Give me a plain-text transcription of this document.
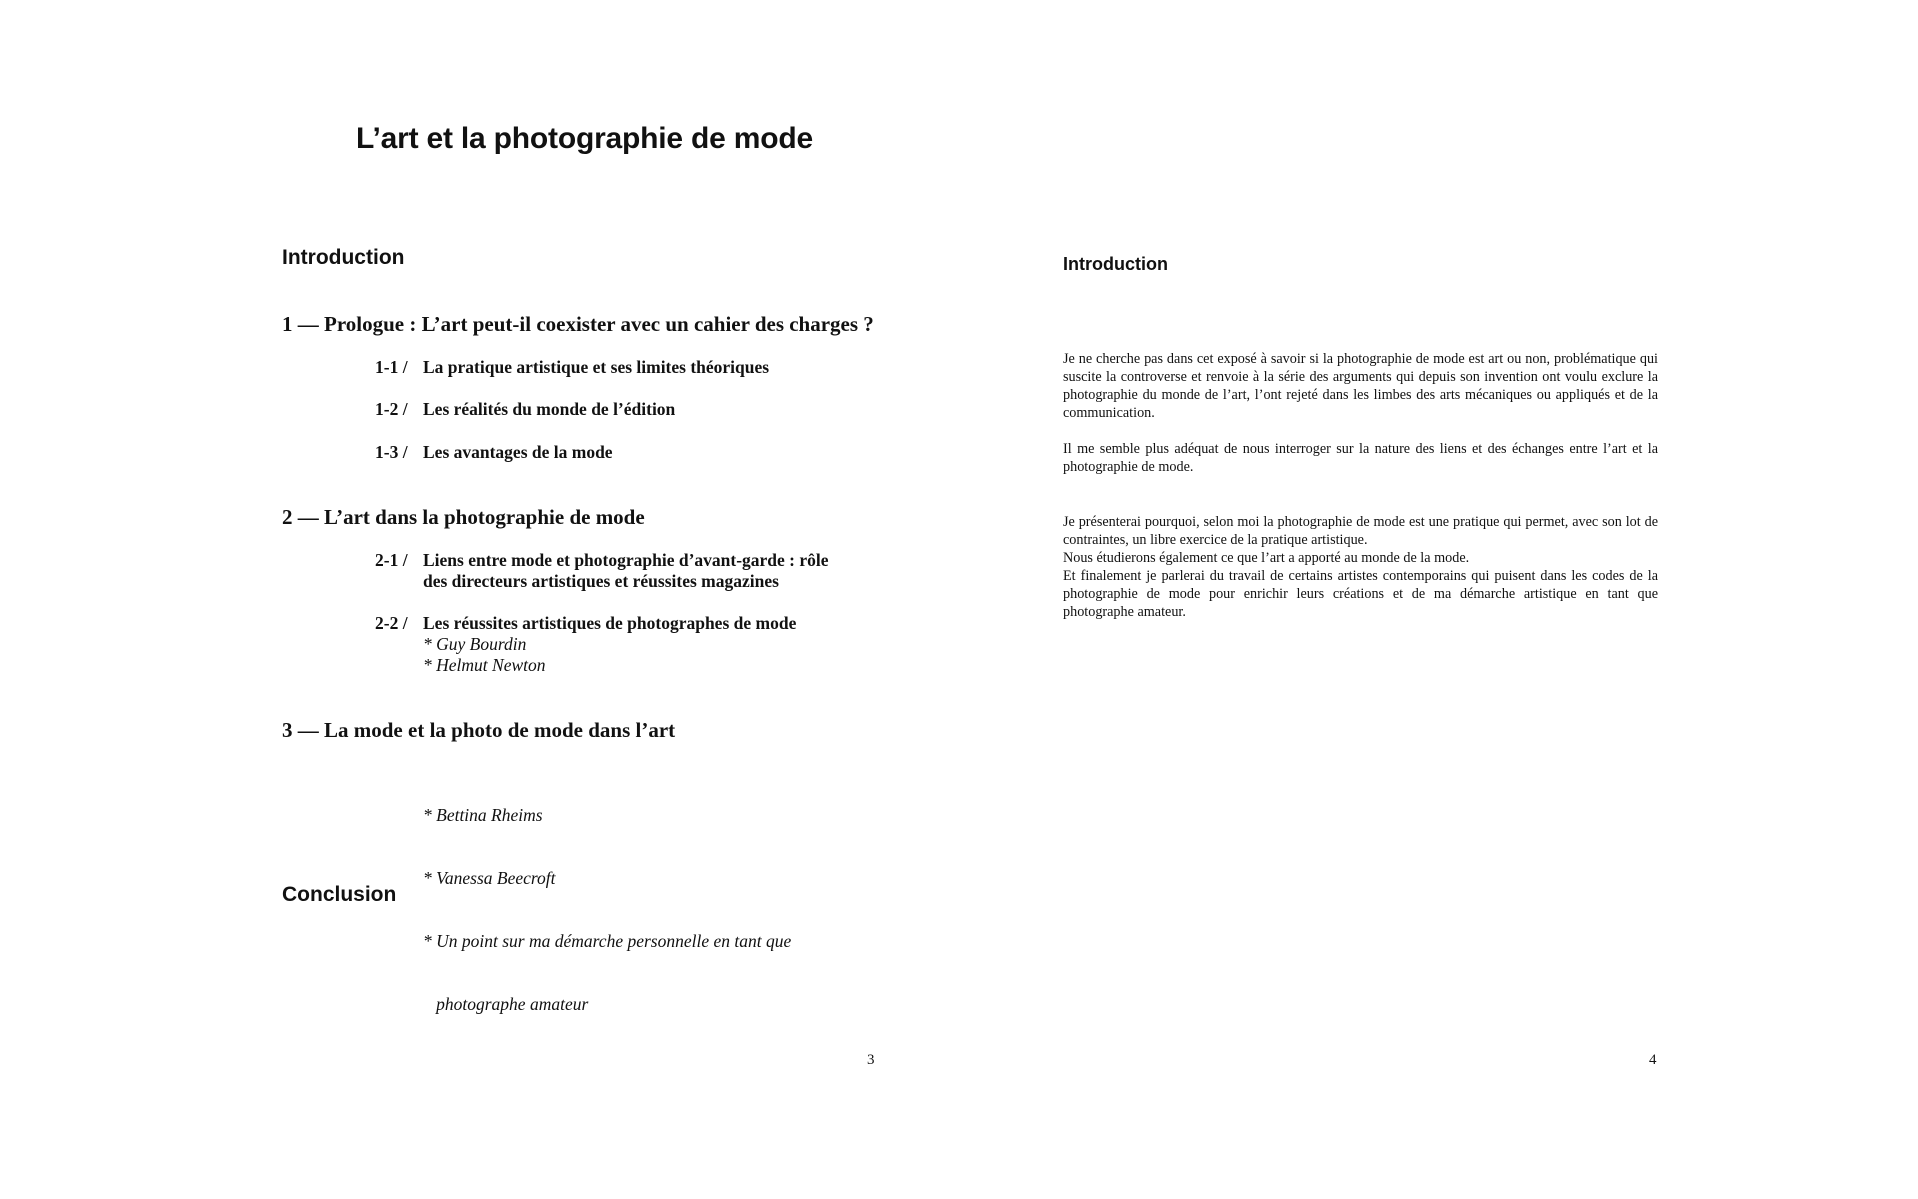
L’art et la photographie de mode
Introduction
1 — Prologue : L’art peut-il coexister avec un cahier des charges ?
1-1 / La pratique artistique et ses limites théoriques
1-2 / Les réalités du monde de l’édition
1-3 / Les avantages de la mode
2 — L’art dans la photographie de mode
2-1 / Liens entre mode et photographie d’avant-garde : rôle
des directeurs artistiques et réussites magazines
2-2 / Les réussites artistiques de photographes de mode
* Guy Bourdin
* Helmut Newton
3 — La mode et la photo de mode dans l’art

* Bettina Rheims

* Vanessa Beecroft

* Un point sur ma démarche personnelle en tant que

photographe amateur

Conclusion
3
Introduction

Je ne cherche pas dans cet exposé à savoir si la photographie de mode est art ou non, problématique qui suscite la controverse et renvoie à la série des arguments qui depuis son invention ont voulu exclure la photographie du monde de l’art, l’ont rejeté dans les limbes des arts mécaniques ou appliqués et de la communication.

Il me semble plus adéquat de nous interroger sur la nature des liens et des échanges entre l’art et la photographie de mode.

Je présenterai pourquoi, selon moi la photographie de mode est une pratique qui permet, avec son lot de contraintes, un libre exercice de la pratique artistique.
Nous étudierons également ce que l’art a apporté au monde de la mode.
Et finalement je parlerai du travail de certains artistes contemporains qui puisent dans les codes de la photographie de mode pour enrichir leurs créations et de ma démarche artistique en tant que photographe amateur.

4
